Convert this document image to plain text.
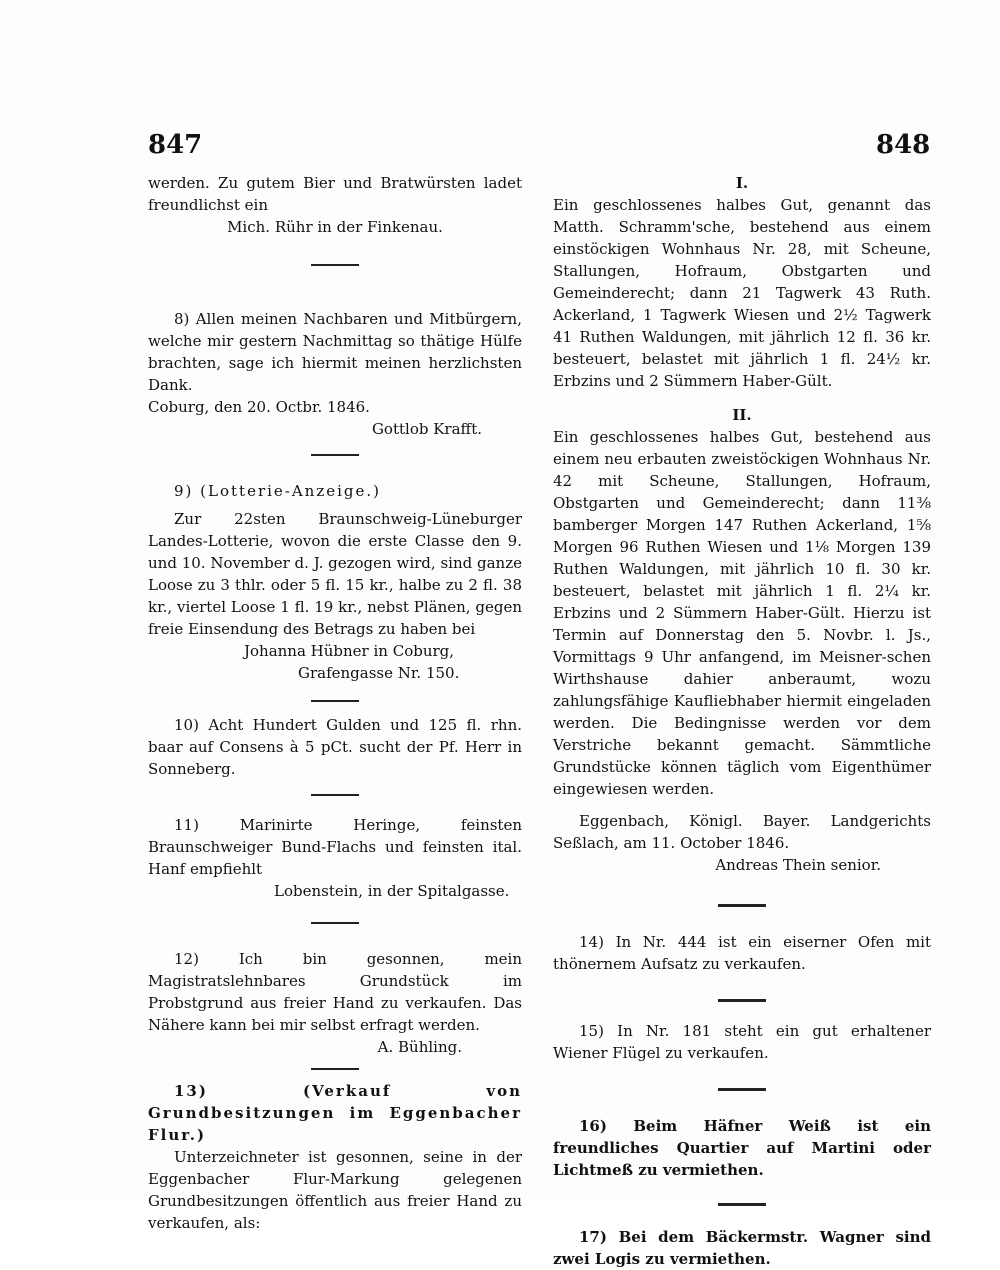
847	848

werden. Zu gutem Bier und Bratwürsten ladet freundlichst ein

Mich. Rühr in der Finkenau.

8) Allen meinen Nachbaren und Mitbürgern, welche mir gestern Nachmittag so thätige Hülfe brachten, sage ich hiermit meinen herzlichsten Dank.

Coburg, den 20. Octbr. 1846.

Gottlob Krafft.

9) (Lotterie-Anzeige.)

Zur 22sten Braunschweig-Lüneburger Landes-Lotterie, wovon die erste Classe den 9. und 10. November d. J. gezogen wird, sind ganze Loose zu 3 thlr. oder 5 fl. 15 kr., halbe zu 2 fl. 38 kr., viertel Loose 1 fl. 19 kr., nebst Plänen, gegen freie Einsendung des Betrags zu haben bei

Johanna Hübner in Coburg,

Grafengasse Nr. 150.

10) Acht Hundert Gulden und 125 fl. rhn. baar auf Consens à 5 pCt. sucht der Pf. Herr in Sonneberg.

11) Marinirte Heringe, feinsten Braunschweiger Bund-Flachs und feinsten ital. Hanf empfiehlt

Lobenstein, in der Spitalgasse.

12) Ich bin gesonnen, mein Magistratslehnbares Grundstück im Probstgrund aus freier Hand zu verkaufen. Das Nähere kann bei mir selbst erfragt werden.

A. Bühling.

13) (Verkauf von Grundbesitzungen im Eggenbacher Flur.)

Unterzeichneter ist gesonnen, seine in der Eggenbacher Flur-Markung gelegenen Grundbesitzungen öffentlich aus freier Hand zu verkaufen, als:

I.

Ein geschlossenes halbes Gut, genannt das Matth. Schramm'sche, bestehend aus einem einstöckigen Wohnhaus Nr. 28, mit Scheune, Stallungen, Hofraum, Obstgarten und Gemeinderecht; dann 21 Tagwerk 43 Ruth. Ackerland, 1 Tagwerk Wiesen und 2½ Tagwerk 41 Ruthen Waldungen, mit jährlich 12 fl. 36 kr. besteuert, belastet mit jährlich 1 fl. 24½ kr. Erbzins und 2 Sümmern Haber-Gült.

II.

Ein geschlossenes halbes Gut, bestehend aus einem neu erbauten zweistöckigen Wohnhaus Nr. 42 mit Scheune, Stallungen, Hofraum, Obstgarten und Gemeinderecht; dann 11⅜ bamberger Morgen 147 Ruthen Ackerland, 1⅝ Morgen 96 Ruthen Wiesen und 1⅛ Morgen 139 Ruthen Waldungen, mit jährlich 10 fl. 30 kr. besteuert, belastet mit jährlich 1 fl. 2¼ kr. Erbzins und 2 Sümmern Haber-Gült. Hierzu ist Termin auf Donnerstag den 5. Novbr. l. Js., Vormittags 9 Uhr anfangend, im Meisner-schen Wirthshause dahier anberaumt, wozu zahlungsfähige Kaufliebhaber hiermit eingeladen werden. Die Bedingnisse werden vor dem Verstriche bekannt gemacht. Sämmtliche Grundstücke können täglich vom Eigenthümer eingewiesen werden.

Eggenbach, Königl. Bayer. Landgerichts Seßlach, am 11. October 1846.

Andreas Thein senior.

14) In Nr. 444 ist ein eiserner Ofen mit thönernem Aufsatz zu verkaufen.

15) In Nr. 181 steht ein gut erhaltener Wiener Flügel zu verkaufen.

16) Beim Häfner Weiß ist ein freundliches Quartier auf Martini oder Lichtmeß zu vermiethen.

17) Bei dem Bäckermstr. Wagner sind zwei Logis zu vermiethen.
